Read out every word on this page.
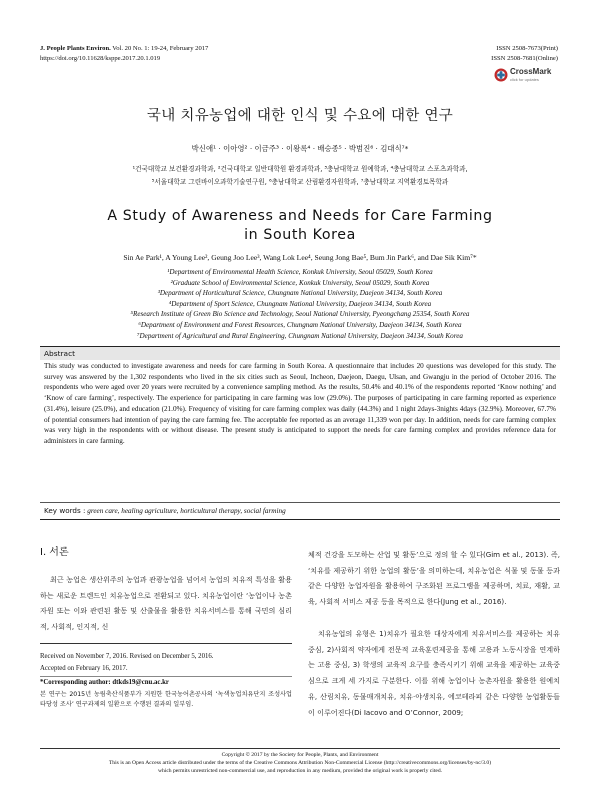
J. People Plants Environ. Vol. 20 No. 1: 19-24, February 2017
https://doi.org/10.11628/ksppe.2017.20.1.019
ISSN 2508-7673(Print)
ISSN 2508-7681(Online)
CrossMark
click for updates
국내 치유농업에 대한 인식 및 수요에 대한 연구
박신애¹ · 이아영² · 이금주³ · 이왕록⁴ · 배승종⁵ · 박범진⁶ · 김대식⁷*
¹건국대학교 보건환경과학과, ²건국대학교 일반대학원 환경과학과, ³충남대학교 원예학과, ⁴충남대학교 스포츠과학과,
⁵서울대학교 그린바이오과학기술연구원, ⁶충남대학교 산림환경자원학과, ⁷충남대학교 지역환경토목학과
A Study of Awareness and Needs for Care Farming
in South Korea
Sin Ae Park¹, A Young Lee², Geung Joo Lee³, Wang Lok Lee⁴, Seung Jong Bae⁵, Bum Jin Park⁶, and Dae Sik Kim⁷*
¹Department of Environmental Health Science, Konkuk University, Seoul 05029, South Korea
²Graduate School of Environmental Science, Konkuk University, Seoul 05029, South Korea
³Department of Horticultural Science, Chungnam National University, Daejeon 34134, South Korea
⁴Department of Sport Science, Chungnam National University, Daejeon 34134, South Korea
⁵Research Institute of Green Bio Science and Technology, Seoul National University, Pyeongchang 25354, South Korea
⁶Department of Environment and Forest Resources, Chungnam National University, Daejeon 34134, South Korea
⁷Department of Agricultural and Rural Engineering, Chungnam National University, Daejeon 34134, South Korea
Abstract
This study was conducted to investigate awareness and needs for care farming in South Korea. A questionnaire that includes 20 questions was developed for this study. The survey was answered by the 1,302 respondents who lived in the six cities such as Seoul, Incheon, Daejeon, Daegu, Ulsan, and Gwangju in the period of October 2016. The respondents who were aged over 20 years were recruited by a convenience sampling method. As the results, 50.4% and 40.1% of the respondents reported ‘Know nothing’ and ‘Know of care farming’, respectively. The experience for participating in care farming was low (29.0%). The purposes of participating in care farming reported as experience (31.4%), leisure (25.0%), and education (21.0%). Frequency of visiting for care farming complex was daily (44.3%) and 1 night 2days-3nights 4days (32.9%). Moreover, 67.7% of potential consumers had intention of paying the care farming fee. The acceptable fee reported as an average 11,339 won per day. In addition, needs for care farming complex was very high in the respondents with or without disease. The present study is anticipated to support the needs for care farming complex and provides reference data for administers in care farming.
Key words : green care, healing agriculture, horticultural therapy, social farming
Ⅰ. 서론
최근 농업은 생산위주의 농업과 관광농업을 넘어서 농업의 치유적 특성을 활용하는 새로운 트렌드인 치유농업으로 전환되고 있다. 치유농업이란 ‘농업이나 농촌자원 또는 이와 관련된 활동 및 산출물을 활용한 치유서비스를 통해 국민의 심리적, 사회적, 인지적, 신
Received on November 7, 2016. Revised on December 5, 2016.
Accepted on February 16, 2017.
*Corresponding author: dtkds19@cnu.ac.kr
본 연구는 2015년 농림축산식품부가 지원한 한국농어촌공사의 ‘녹색농업치유단지 조성사업 타당성 조사’ 연구과제의 일환으로 수행된 결과의 일부임.
체적 건강을 도모하는 산업 및 활동’으로 정의 할 수 있다(Gim et al., 2013). 즉, ‘치유를 제공하기 위한 농업의 활동’을 의미하는데, 치유농업은 식물 및 동물 등과 같은 다양한 농업자원을 활용하여 구조화된 프로그램을 제공하며, 치료, 재활, 교육, 사회적 서비스 제공 등을 목적으로 한다(Jung et al., 2016).
치유농업의 유형은 1)치유가 필요한 대상자에게 치유서비스를 제공하는 치유중심, 2)사회적 약자에게 전문적 교육훈련제공을 통해 고용과 노동시장을 연계하는 고용 중심, 3) 학생의 교육적 요구를 충족시키기 위해 교육을 제공하는 교육중심으로 크게 세 가지로 구분한다. 이를 위해 농업이나 농촌자원을 활용한 원예치유, 산림치유, 동물매개치유, 치유·야생치유, 에코테라피 같은 다양한 농업활동들이 이루어진다(Di Iacovo and O’Connor, 2009;
Copyright © 2017 by the Society for People, Plants, and Environment
This is an Open Access article distributed under the terms of the Creative Commons Attribution Non-Commercial License (http://creativecommons.org/licenses/by-nc/3.0)
which permits unrestricted non-commercial use, and reproduction in any medium, provided the original work is properly cited.
